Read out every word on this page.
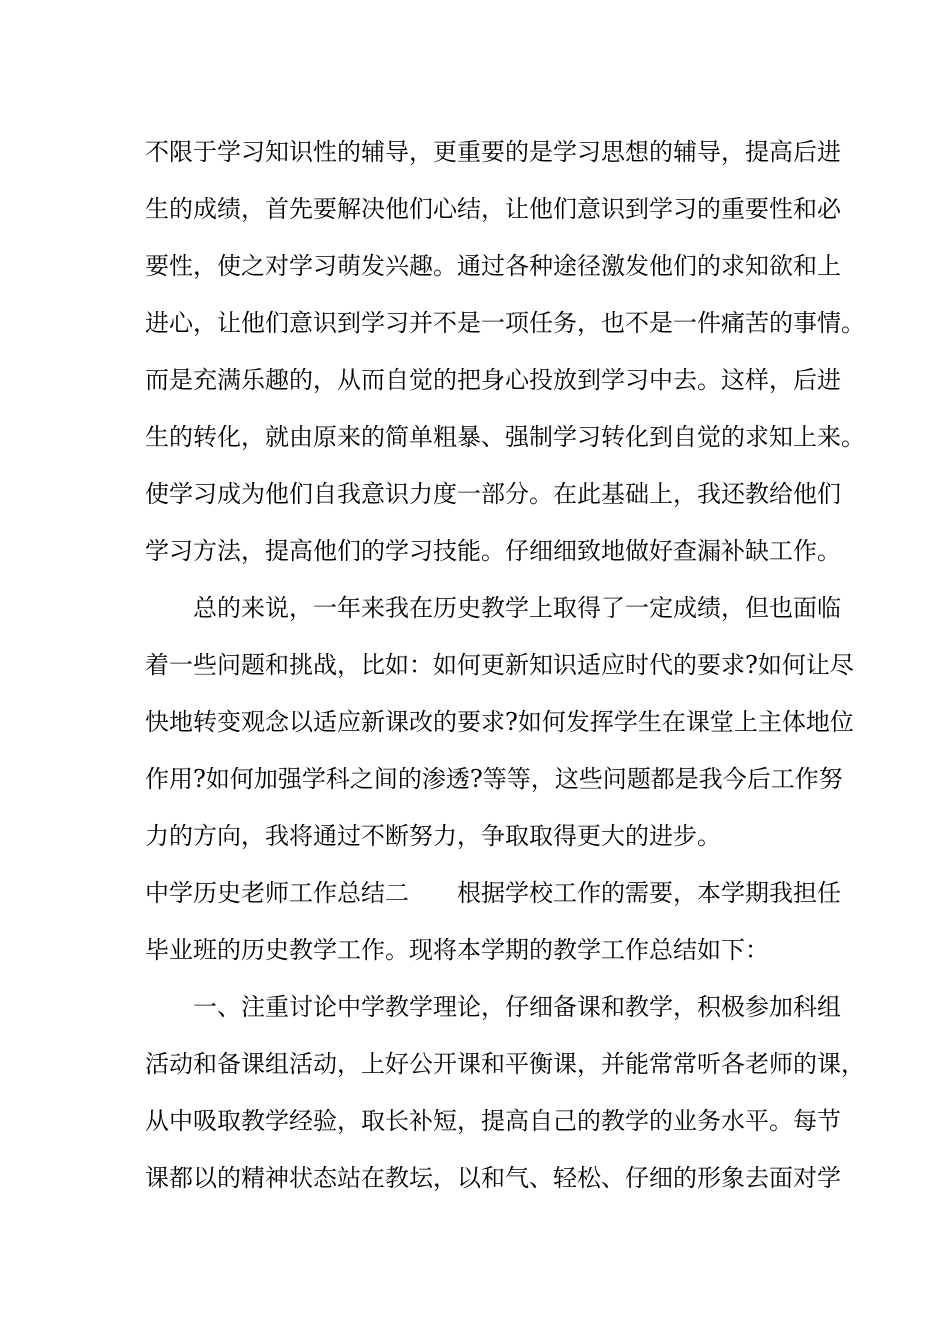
不限于学习知识性的辅导，更重要的是学习思想的辅导，提高后进
生的成绩，首先要解决他们心结，让他们意识到学习的重要性和必
要性，使之对学习萌发兴趣。通过各种途径激发他们的求知欲和上
进心，让他们意识到学习并不是一项任务，也不是一件痛苦的事情。
而是充满乐趣的，从而自觉的把身心投放到学习中去。这样，后进
生的转化，就由原来的简单粗暴、强制学习转化到自觉的求知上来。
使学习成为他们自我意识力度一部分。在此基础上，我还教给他们
学习方法，提高他们的学习技能。仔细细致地做好查漏补缺工作。
　　总的来说，一年来我在历史教学上取得了一定成绩，但也面临
着一些问题和挑战，比如：如何更新知识适应时代的要求?如何让尽
快地转变观念以适应新课改的要求?如何发挥学生在课堂上主体地位
作用?如何加强学科之间的渗透?等等，这些问题都是我今后工作努
力的方向，我将通过不断努力，争取取得更大的进步。
中学历史老师工作总结二　　根据学校工作的需要，本学期我担任
毕业班的历史教学工作。现将本学期的教学工作总结如下：
　　一、注重讨论中学教学理论，仔细备课和教学，积极参加科组
活动和备课组活动，上好公开课和平衡课，并能常常听各老师的课，
从中吸取教学经验，取长补短，提高自己的教学的业务水平。每节
课都以的精神状态站在教坛，以和气、轻松、仔细的形象去面对学
